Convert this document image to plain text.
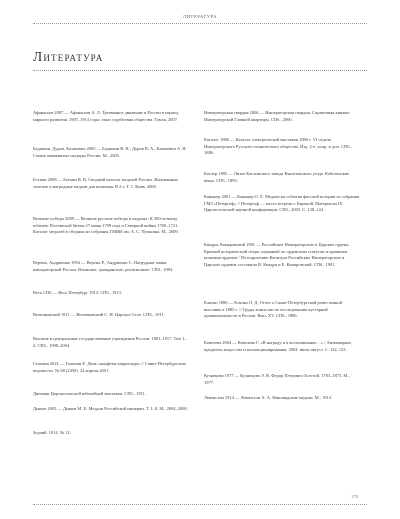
ЛИТЕРАТУРА
Литература

Афанасьев 2007 — Афанасьев А. Л. Трезвенное движение в России в период мирного развития. 1907–1914 годы: опыт содействия общества. Томск, 2007.

Бадяшин, Дуров, Казакевич 2005 — Бадяшин В. Н., Дуров В. А., Казакевич А. Н. Самые знаменитые награды России. М., 2005.

Боткин 2008 — Боткин В. В. Сводный каталог медалей России. Жалованные золотые и наградные медали для ношения. В 2 т. Т. 1. Киев, 2008.

Великие победы 2009 — Великие русские победы в медалях: К 300-летнему юбилею Полтавской битвы 27 июня 1709 года и Северной войны 1700–1721. Каталог медалей в сборник из собрания ГМИИ им. А. С. Пушкина. М., 2009.

Веренъ, Андриенко 1994 — Веренъ Р., Андриенко С. Нагрудные знаки императорской России. Воинские, гражданские, религиозные. СПб., 1994.

Весь СПб — Весь Петербург 1913. СПб., 1913.

Величковский 1911 — Величковский С. Н. Царское Село. СПб., 1911.

Высшие и центральные государственные учреждения России. 1801–1917. Том 1–4. СПб., 1998–2004.

Гальпин 2021 — Гальпин Е. День «конфеты-мармелада» // Санкт-Петербургские ведомости. № 68 (2458). 24 апреля 2001.

Дневник Царскосельской юбилейной выставки. СПб., 1911.

Дьяков 2005 — Дьяков М. Е. Медали Российской империи. Т. 1–8. М., 2004–2008.

Зодчий. 1914. № 12.

Императорская гвардия 2006 — Императорская гвардия. Справочная книжка Императорской Главной квартиры. СПб., 2006.

Каталог 1886 — Каталог электрической выставки 1886 г. VI отдела Императорского Русского технического общества. Изд. 2-е, испр. и доп. СПб., 1886.

Каслер 1895 — Литье Каслинского завода Кыштымского уезда. Каботенские вещи. СПб., 1895.

Каныкер 2001 — Каныкер О. Е. Медали на события фисской истории из собрания ГМЗ «Петергоф» // Петергоф — место встречи с Европой. Материалы IX Царскосельской научной конференции. СПб., 2003. С. 138–144.

Квадри, Комаровский 1901 — Российские Императорские и Царские ордена. Краткий исторический очерк, изданный по орденским статутам и правилам ношения орденов / По поручению Капитула Российских Императорских и Царских орденов составили В. Квадри и Е. Комаровский. СПб., 1901.

Клячко 1886 — Клячко О. Д. Отчет о Санкт-Петербургской ремесленной выставке в 1885 г. // Труды комиссии по исследованию кустарной промышленности в России. Вып. XV. СПб., 1886.

Ковелева 2004 — Ковелева Г. «В награду и в воспоминание…» / Антиквариат, предметы искусства и коллекционирования. 2004. июль-август. С. 122–123.

Кузнецова 1977 — Кузнецова Э. В. Федор Петрович Толстой. 1783–1873. М., 1977.

Левенстон 1914 — Левенстон А. А. Финляндские медали. М., 1914.

279
